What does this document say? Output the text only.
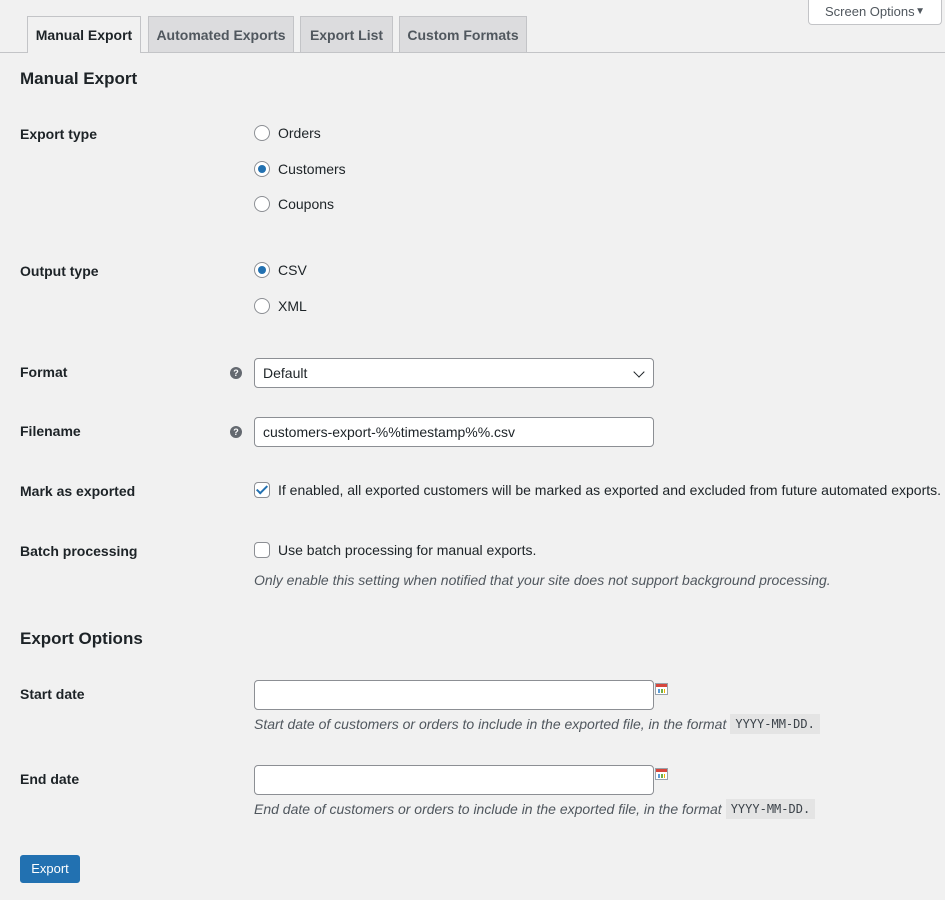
Screen Options ▼
Manual Export	Automated Exports	Export List	Custom Formats
Manual Export
Export type	Orders
Customers
Coupons
Output type	CSV
XML
Format	?	Default
Filename	?	customers-export-%%timestamp%%.csv
Mark as exported	If enabled, all exported customers will be marked as exported and excluded from future automated exports.
Batch processing	Use batch processing for manual exports.
Only enable this setting when notified that your site does not support background processing.
Export Options
Start date
Start date of customers or orders to include in the exported file, in the format YYYY-MM-DD.
End date
End date of customers or orders to include in the exported file, in the format YYYY-MM-DD.
Export
